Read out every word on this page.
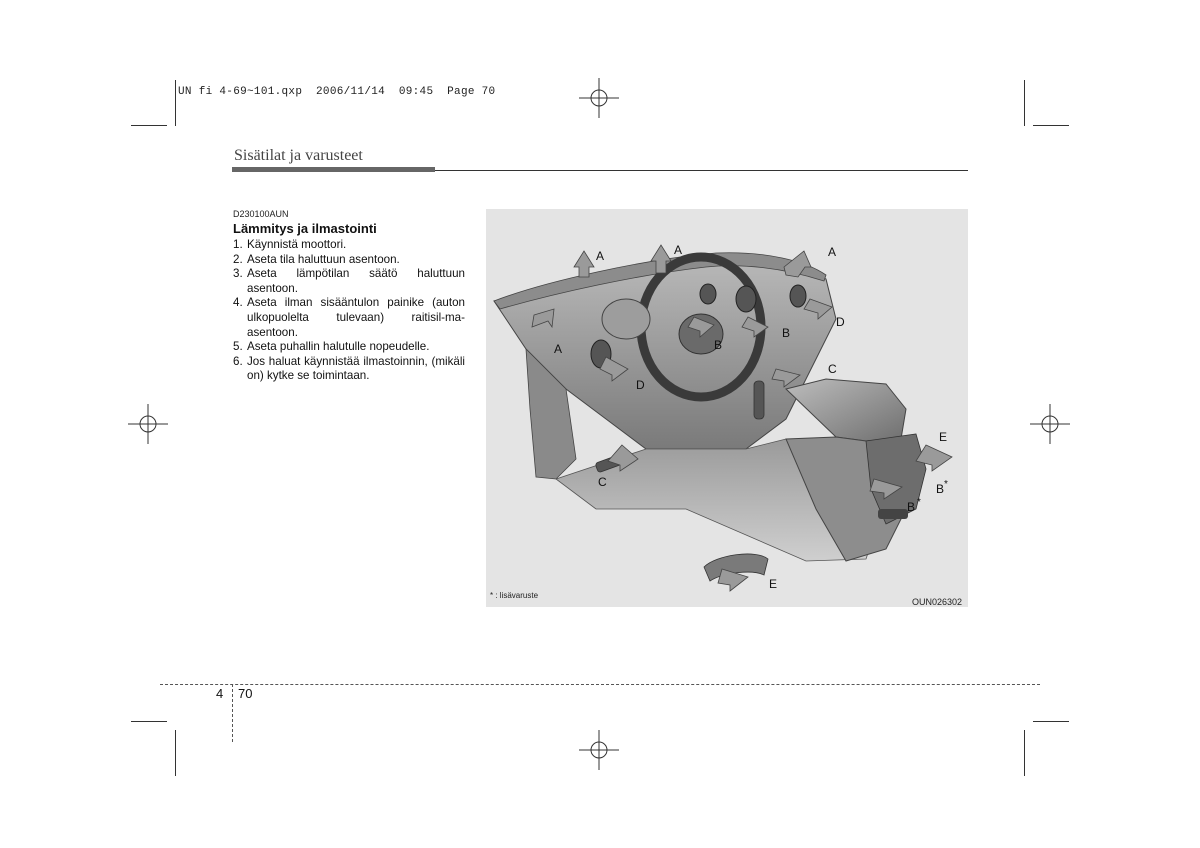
UN fi 4-69~101.qxp  2006/11/14  09:45  Page 70
Sisätilat ja varusteet
D230100AUN
Lämmitys ja ilmastointi
1. Käynnistä moottori.
2. Aseta tila haluttuun asentoon.
3. Aseta lämpötilan säätö haluttuun asentoon.
4. Aseta ilman sisääntulon painike (auton ulkopuolelta tulevaan) raitisil-ma-asentoon.
5. Aseta puhallin halutulle nopeudelle.
6. Jos haluat käynnistää ilmastoinnin, (mikäli on) kytke se toimintaan.
A	A	A
A	B
B
B
B
C
C
D
D
E
E
*
*
* : lisävaruste
OUN026302
4 70
